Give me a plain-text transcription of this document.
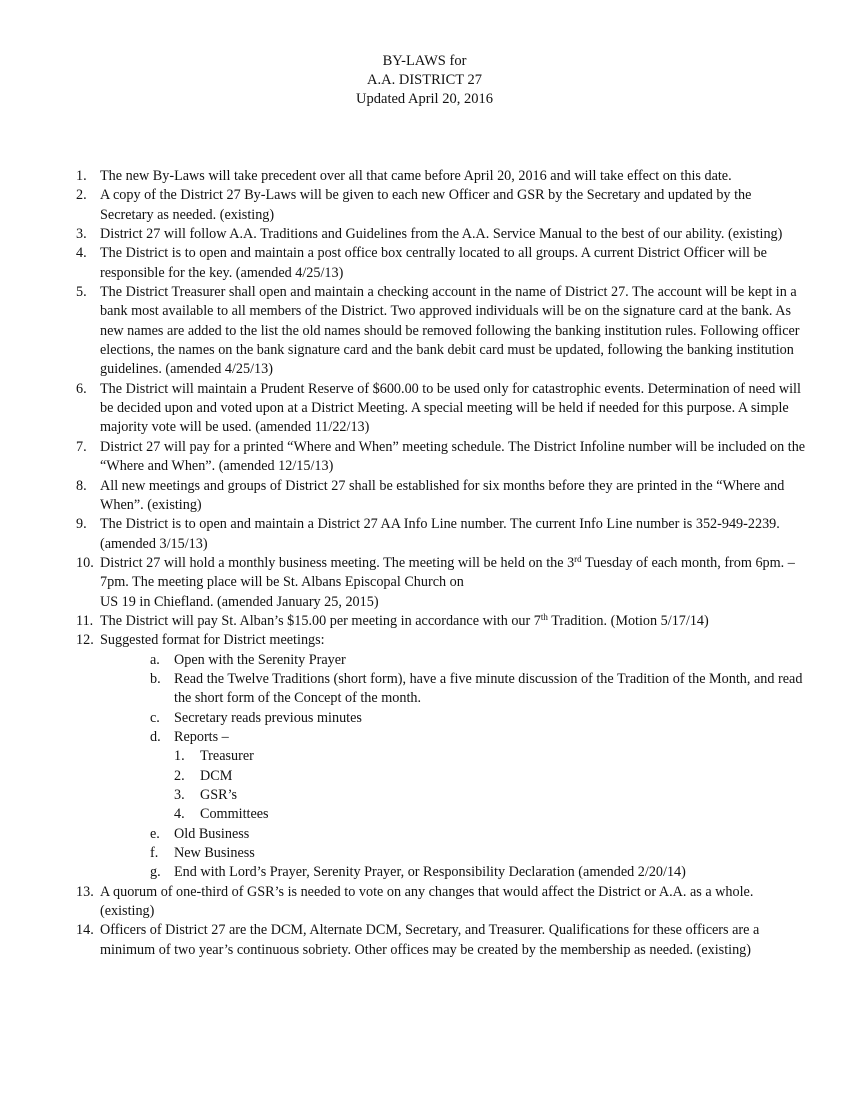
BY-LAWS for
A.A. DISTRICT 27
Updated April 20, 2016
1. The new By-Laws will take precedent over all that came before April 20, 2016 and will take effect on this date.
2. A copy of the District 27 By-Laws will be given to each new Officer and GSR by the Secretary and updated by the Secretary as needed. (existing)
3. District 27 will follow A.A. Traditions and Guidelines from the A.A. Service Manual to the best of our ability. (existing)
4. The District is to open and maintain a post office box centrally located to all groups. A current District Officer will be responsible for the key. (amended 4/25/13)
5. The District Treasurer shall open and maintain a checking account in the name of District 27. The account will be kept in a bank most available to all members of the District. Two approved individuals will be on the signature card at the bank. As new names are added to the list the old names should be removed following the banking institution rules. Following officer elections, the names on the bank signature card and the bank debit card must be updated, following the banking institution guidelines. (amended 4/25/13)
6. The District will maintain a Prudent Reserve of $600.00 to be used only for catastrophic events. Determination of need will be decided upon and voted upon at a District Meeting. A special meeting will be held if needed for this purpose. A simple majority vote will be used. (amended 11/22/13)
7. District 27 will pay for a printed “Where and When” meeting schedule. The District Infoline number will be included on the “Where and When”. (amended 12/15/13)
8. All new meetings and groups of District 27 shall be established for six months before they are printed in the “Where and When”. (existing)
9. The District is to open and maintain a District 27 AA Info Line number. The current Info Line number is 352-949-2239. (amended 3/15/13)
10. District 27 will hold a monthly business meeting. The meeting will be held on the 3rd Tuesday of each month, from 6pm. – 7pm. The meeting place will be St. Albans Episcopal Church on
US 19 in Chiefland. (amended January 25, 2015)
11. The District will pay St. Alban’s $15.00 per meeting in accordance with our 7th Tradition. (Motion 5/17/14)
12. Suggested format for District meetings:
a. Open with the Serenity Prayer
b. Read the Twelve Traditions (short form), have a five minute discussion of the Tradition of the Month, and read the short form of the Concept of the month.
c. Secretary reads previous minutes
d. Reports –
1. Treasurer
2. DCM
3. GSR’s
4. Committees
e. Old Business
f. New Business
g. End with Lord’s Prayer, Serenity Prayer, or Responsibility Declaration (amended 2/20/14)
13. A quorum of one-third of GSR’s is needed to vote on any changes that would affect the District or A.A. as a whole. (existing)
14. Officers of District 27 are the DCM, Alternate DCM, Secretary, and Treasurer. Qualifications for these officers are a minimum of two year’s continuous sobriety. Other offices may be created by the membership as needed. (existing)
